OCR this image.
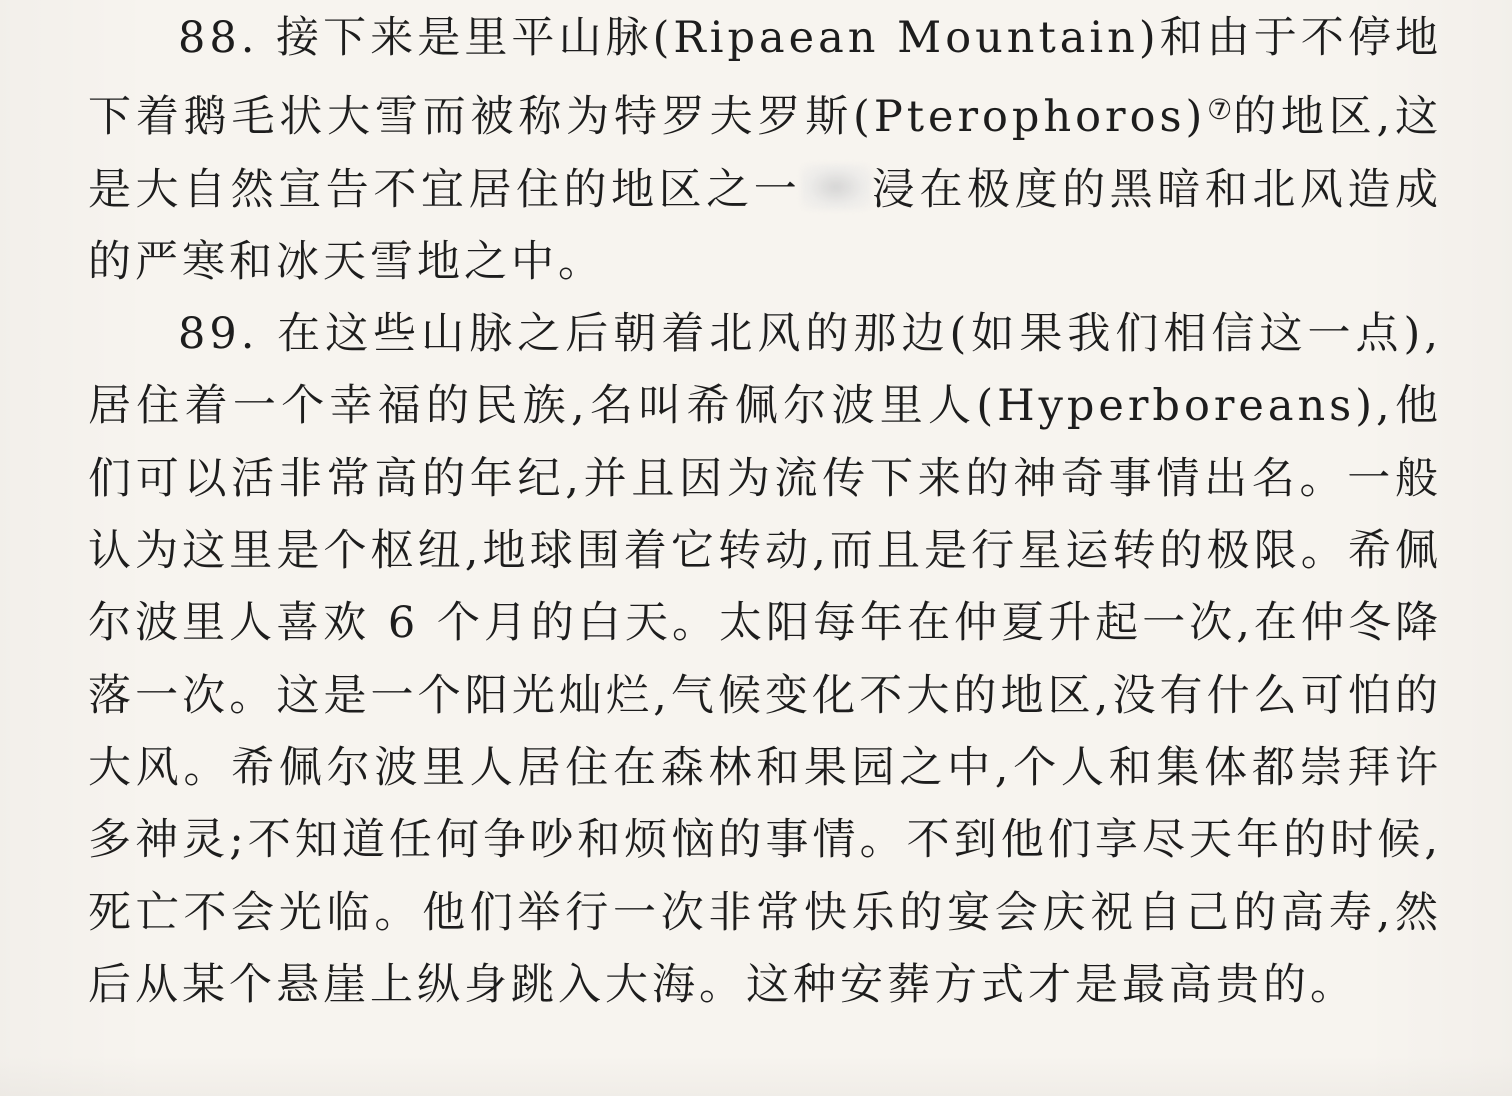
88. 接下来是里平山脉(Ripaean Mountain)和由于不停地下着鹅毛状大雪而被称为特罗夫罗斯(Pterophoros)⑦的地区,这是大自然宣告不宜居住的地区之一 浸在极度的黑暗和北风造成的严寒和冰天雪地之中。

89. 在这些山脉之后朝着北风的那边(如果我们相信这一点),居住着一个幸福的民族,名叫希佩尔波里人(Hyperboreans),他们可以活非常高的年纪,并且因为流传下来的神奇事情出名。一般认为这里是个枢纽,地球围着它转动,而且是行星运转的极限。希佩尔波里人喜欢 6 个月的白天。太阳每年在仲夏升起一次,在仲冬降落一次。这是一个阳光灿烂,气候变化不大的地区,没有什么可怕的大风。希佩尔波里人居住在森林和果园之中,个人和集体都崇拜许多神灵;不知道任何争吵和烦恼的事情。不到他们享尽天年的时候,死亡不会光临。他们举行一次非常快乐的宴会庆祝自己的高寿,然后从某个悬崖上纵身跳入大海。这种安葬方式才是最高贵的。
